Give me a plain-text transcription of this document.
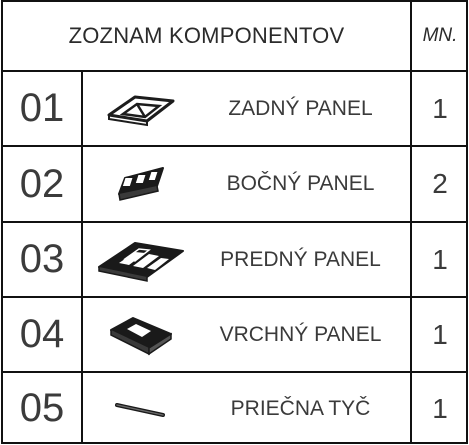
ZOZNAM KOMPONENTOV	MN.
01	ZADNÝ PANEL	1
02	BOČNÝ PANEL	2
03	PREDNÝ PANEL	1
04	VRCHNÝ PANEL	1
05	PRIEČNA TYČ	1
